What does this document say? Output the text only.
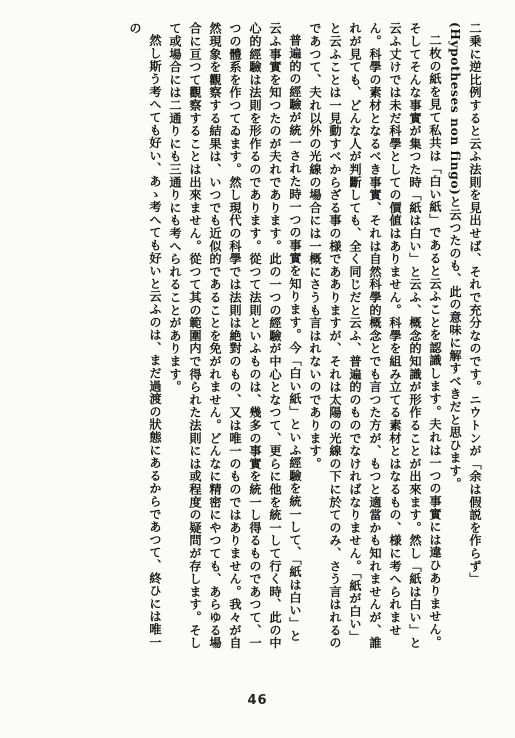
二乗に逆比例すると云ふ法則を見出せば、それで充分なのです。ニウトンが「余は假説を作らず」(Hypotheses non fingo)と云つたのも、此の意味に解すべきだと思ひます。

二枚の紙を見て私共は「白い紙」であると云ふことを認識します。夫れは一つの事實には違ひありません。そしてそんな事實が集つた時「紙は白い」と云ふ、概念的知識が形作ることが出來ます。然し「紙は白い」と云ふ丈けでは未だ科學としての價値はありません。科學を組み立てる素材とはなるもの、様に考へられません。科學の素材となるべき事實、それは自然科學的概念とでも言つた方が、もつと適當かも知れませんが、誰れが見ても、どんな人が判斷しても、全く同じだと云ふ、普遍的のものでなければなりません。「紙が白い」と云ふことは一見動すべからざる事の様であありますが、それは太陽の光線の下に於てのみ、さう言はれるのであつて、夫れ以外の光線の場合には一概にさうも言はれないのであります。

普遍的の經驗が統一された時一つの事實を知ります。今「白い紙」といふ經驗を統一して、「紙は白い」と云ふ事實を知つたのが夫れであります。此の一つの經驗が中心となつて、更らに他を統一して行く時、此の中心的經驗は法則を形作るのであります。從つて法則といふものは、幾多の事實を統一し得るものであつて、一つの體系を作つてゐます。然し現代の科學では法則は絶對のもの、又は唯一のものではありません。我々が自然現象を觀察する結果は、いつでも近似的であることを免がれません。どんなに精密にやつても、あらゆる場合に亘つて觀察することは出來ません。從つて其の範圍内で得られた法則には或程度の疑問が存します。そして或場合には二通りにも三通りにも考へられることがあります。

然し斯う考へても好い、あゝ考へても好いと云ふのは、まだ過渡の狀態にあるからであつて、終ひには唯一の

46
